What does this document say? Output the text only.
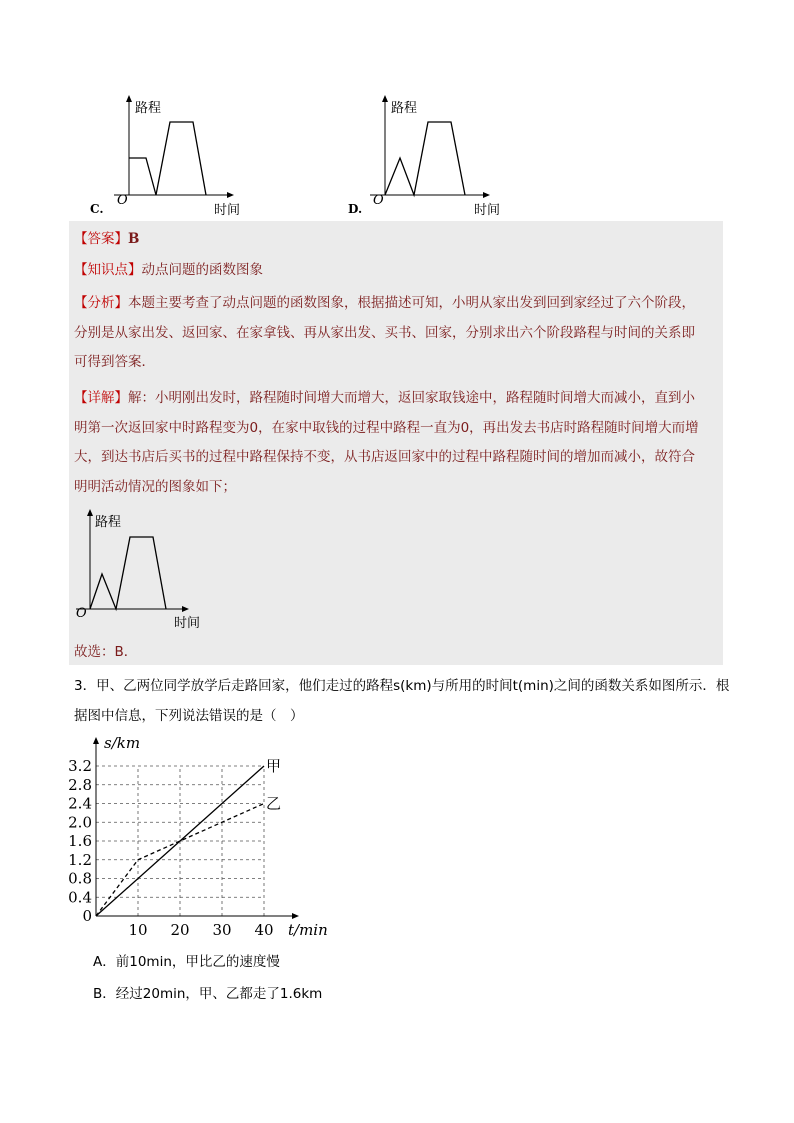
路程
时间
O
C.
路程
时间
O
D.
【答案】B
【知识点】动点问题的函数图象
【分析】本题主要考查了动点问题的函数图象，根据描述可知，小明从家出发到回到家经过了六个阶段，
分别是从家出发、返回家、在家拿钱、再从家出发、买书、回家，分别求出六个阶段路程与时间的关系即
可得到答案．
【详解】解：小明刚出发时，路程随时间增大而增大，返回家取钱途中，路程随时间增大而减小，直到小
明第一次返回家中时路程变为0，在家中取钱的过程中路程一直为0，再出发去书店时路程随时间增大而增
大，到达书店后买书的过程中路程保持不变，从书店返回家中的过程中路程随时间的增加而减小，故符合
明明活动情况的图象如下；
路程
时间
O
故选：B．
3．甲、乙两位同学放学后走路回家，他们走过的路程s(km)与所用的时间t(min)之间的函数关系如图所示．根
据图中信息，下列说法错误的是（　）
0
0.4
0.8
1.2
1.6
2.0
2.4
2.8
3.2
10 20 30 40
s/km
t/min
甲
乙
A．前10min，甲比乙的速度慢
B．经过20min，甲、乙都走了1.6km
